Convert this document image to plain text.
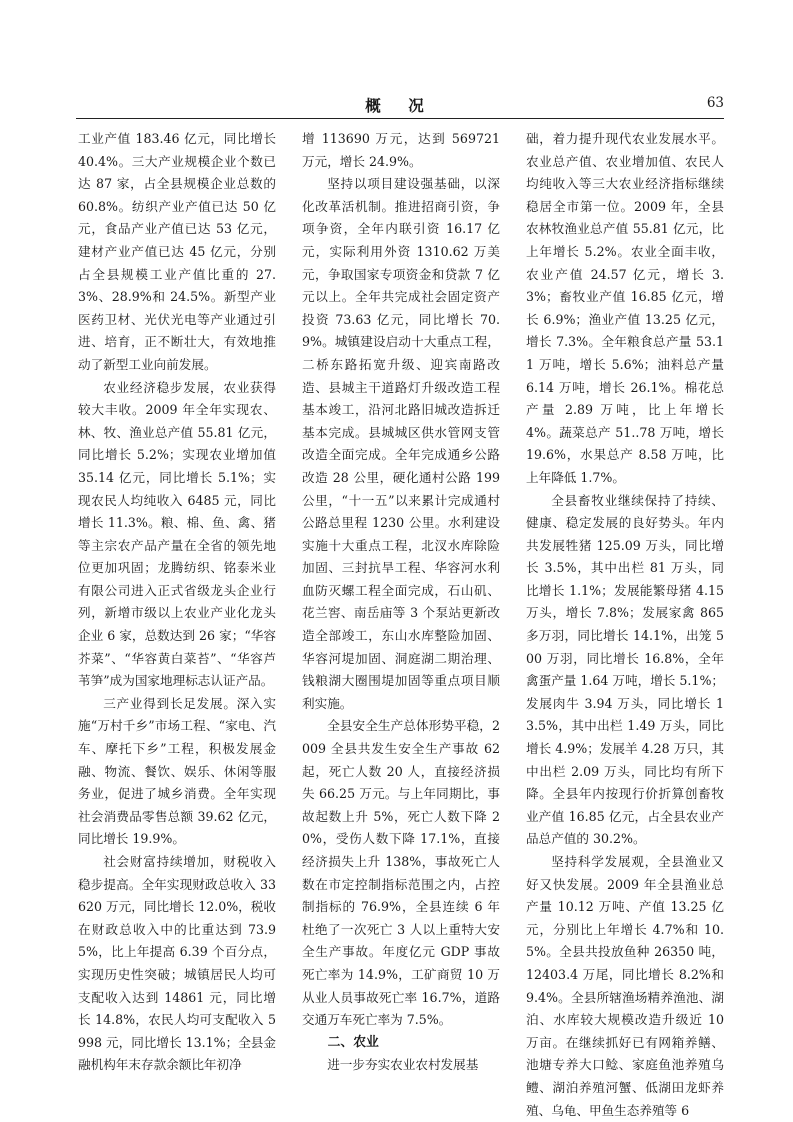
概 况	63

工业产值 183.46 亿元，同比增长 40.4%。三大产业规模企业个数已达 87 家，占全县规模企业总数的 60.8%。纺织产业产值已达 50 亿元，食品产业产值已达 53 亿元，建材产业产值已达 45 亿元，分别占全县规模工业产值比重的 27.3%、28.9%和 24.5%。新型产业医药卫材、光伏光电等产业通过引进、培育，正不断壮大，有效地推动了新型工业向前发展。

农业经济稳步发展，农业获得较大丰收。2009 年全年实现农、林、牧、渔业总产值 55.81 亿元，同比增长 5.2%；实现农业增加值 35.14 亿元，同比增长 5.1%；实现农民人均纯收入 6485 元，同比增长 11.3%。粮、棉、鱼、禽、猪等主宗农产品产量在全省的领先地位更加巩固；龙腾纺织、铭泰米业有限公司进入正式省级龙头企业行列，新增市级以上农业产业化龙头企业 6 家，总数达到 26 家；“华容芥菜”、“华容黄白菜苔”、“华容芦苇笋”成为国家地理标志认证产品。

三产业得到长足发展。深入实施“万村千乡”市场工程、“家电、汽车、摩托下乡”工程，积极发展金融、物流、餐饮、娱乐、休闲等服务业，促进了城乡消费。全年实现社会消费品零售总额 39.62 亿元，同比增长 19.9%。

社会财富持续增加，财税收入稳步提高。全年实现财政总收入 33620 万元，同比增长 12.0%，税收在财政总收入中的比重达到 73.95%，比上年提高 6.39 个百分点，实现历史性突破；城镇居民人均可支配收入达到 14861 元，同比增长 14.8%，农民人均可支配收入 5998 元，同比增长 13.1%；全县金融机构年末存款余额比年初净

增 113690 万元，达到 569721 万元，增长 24.9%。

坚持以项目建设强基础，以深化改革活机制。推进招商引资，争项争资，全年内联引资 16.17 亿元，实际利用外资 1310.62 万美元，争取国家专项资金和贷款 7 亿元以上。全年共完成社会固定资产投资 73.63 亿元，同比增长 70.9%。城镇建设启动十大重点工程，二桥东路拓宽升级、迎宾南路改造、县城主干道路灯升级改造工程基本竣工，沿河北路旧城改造拆迁基本完成。县城城区供水管网支管改造全面完成。全年完成通乡公路改造 28 公里，硬化通村公路 199 公里，“十一五”以来累计完成通村公路总里程 1230 公里。水利建设实施十大重点工程，北汊水库除险加固、三封抗旱工程、华容河水利血防灭螺工程全面完成，石山矶、花兰窖、南岳庙等 3 个泵站更新改造全部竣工，东山水库整险加固、华容河堤加固、洞庭湖二期治理、钱粮湖大圈围堤加固等重点项目顺利实施。

全县安全生产总体形势平稳，2009 全县共发生安全生产事故 62 起，死亡人数 20 人，直接经济损失 66.25 万元。与上年同期比，事故起数上升 5%，死亡人数下降 20%，受伤人数下降 17.1%，直接经济损失上升 138%，事故死亡人数在市定控制指标范围之内，占控制指标的 76.9%，全县连续 6 年杜绝了一次死亡 3 人以上重特大安全生产事故。年度亿元 GDP 事故死亡率为 14.9%，工矿商贸 10 万从业人员事故死亡率 16.7%，道路交通万车死亡率为 7.5%。

二、农业

进一步夯实农业农村发展基

础，着力提升现代农业发展水平。农业总产值、农业增加值、农民人均纯收入等三大农业经济指标继续稳居全市第一位。2009 年，全县农林牧渔业总产值 55.81 亿元，比上年增长 5.2%。农业全面丰收，农业产值 24.57 亿元，增长 3.3%；畜牧业产值 16.85 亿元，增长 6.9%；渔业产值 13.25 亿元，增长 7.3%。全年粮食总产量 53.11 万吨，增长 5.6%；油料总产量 6.14 万吨，增长 26.1%。棉花总产量 2.89 万吨，比上年增长 4%。蔬菜总产 51..78 万吨，增长 19.6%，水果总产 8.58 万吨，比上年降低 1.7%。

全县畜牧业继续保持了持续、健康、稳定发展的良好势头。年内共发展牲猪 125.09 万头，同比增长 3.5%，其中出栏 81 万头，同比增长 1.1%；发展能繁母猪 4.15 万头，增长 7.8%；发展家禽 865 多万羽，同比增长 14.1%，出笼 500 万羽，同比增长 16.8%，全年禽蛋产量 1.64 万吨，增长 5.1%；发展肉牛 3.94 万头，同比增长 13.5%，其中出栏 1.49 万头，同比增长 4.9%；发展羊 4.28 万只，其中出栏 2.09 万头，同比均有所下降。全县年内按现行价折算创畜牧业产值 16.85 亿元，占全县农业产品总产值的 30.2%。

坚持科学发展观，全县渔业又好又快发展。2009 年全县渔业总产量 10.12 万吨、产值 13.25 亿元，分别比上年增长 4.7%和 10.5%。全县共投放鱼种 26350 吨，12403.4 万尾，同比增长 8.2%和 9.4%。全县所辖渔场精养渔池、湖泊、水库较大规模改造升级近 10 万亩。在继续抓好已有网箱养鳝、池塘专养大口鲶、家庭鱼池养殖乌鳢、湖泊养殖河蟹、低湖田龙虾养殖、乌龟、甲鱼生态养殖等 6
